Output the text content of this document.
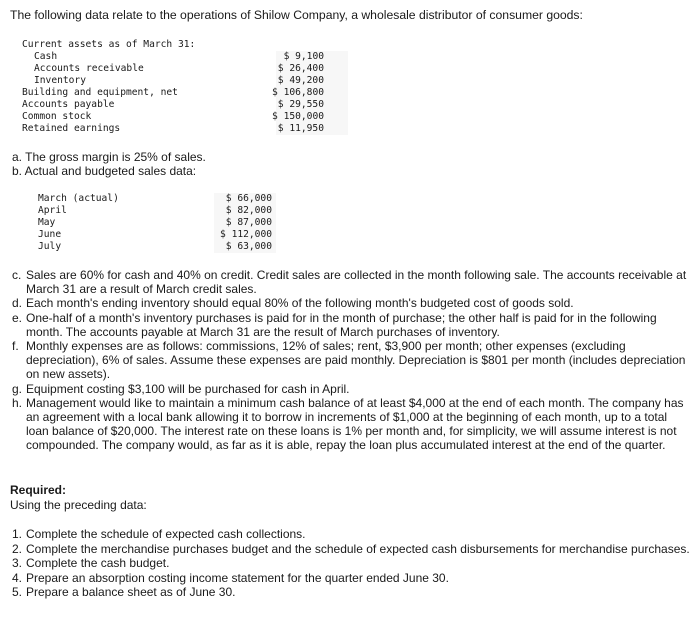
The following data relate to the operations of Shilow Company, a wholesale distributor of consumer goods:
Current assets as of March 31:
Cash	$ 9,100
Accounts receivable	$ 26,400
Inventory	$ 49,200
Building and equipment, net	$ 106,800
Accounts payable	$ 29,550
Common stock	$ 150,000
Retained earnings	$ 11,950
a. The gross margin is 25% of sales.
b. Actual and budgeted sales data:
March (actual)	$ 66,000
April	$ 82,000
May	$ 87,000
June	$ 112,000
July	$ 63,000
c. Sales are 60% for cash and 40% on credit. Credit sales are collected in the month following sale. The accounts receivable at March 31 are a result of March credit sales.
d. Each month's ending inventory should equal 80% of the following month's budgeted cost of goods sold.
e. One-half of a month's inventory purchases is paid for in the month of purchase; the other half is paid for in the following month. The accounts payable at March 31 are the result of March purchases of inventory.
f. Monthly expenses are as follows: commissions, 12% of sales; rent, $3,900 per month; other expenses (excluding depreciation), 6% of sales. Assume these expenses are paid monthly. Depreciation is $801 per month (includes depreciation on new assets).
g. Equipment costing $3,100 will be purchased for cash in April.
h. Management would like to maintain a minimum cash balance of at least $4,000 at the end of each month. The company has an agreement with a local bank allowing it to borrow in increments of $1,000 at the beginning of each month, up to a total loan balance of $20,000. The interest rate on these loans is 1% per month and, for simplicity, we will assume interest is not compounded. The company would, as far as it is able, repay the loan plus accumulated interest at the end of the quarter.
Required:
Using the preceding data:
1. Complete the schedule of expected cash collections.
2. Complete the merchandise purchases budget and the schedule of expected cash disbursements for merchandise purchases.
3. Complete the cash budget.
4. Prepare an absorption costing income statement for the quarter ended June 30.
5. Prepare a balance sheet as of June 30.
